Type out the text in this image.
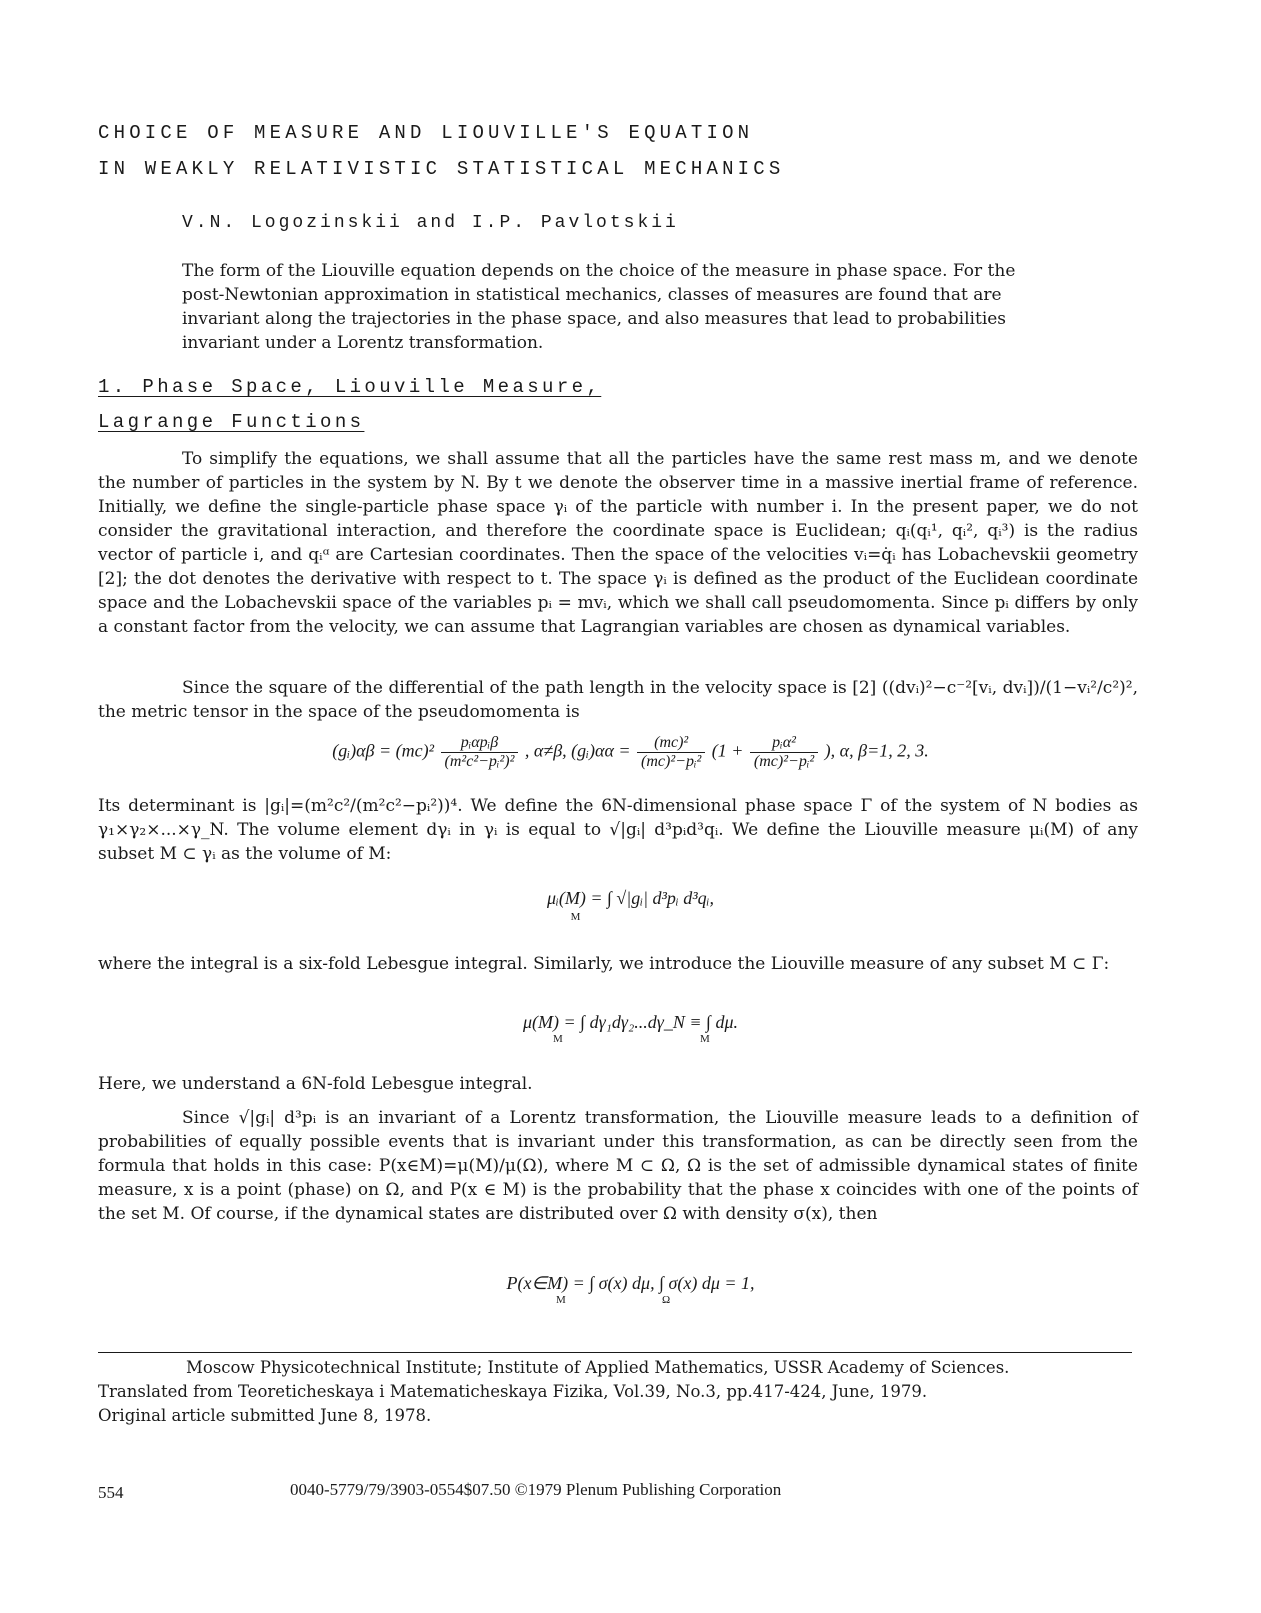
CHOICE OF MEASURE AND LIOUVILLE'S EQUATION
IN WEAKLY RELATIVISTIC STATISTICAL MECHANICS
V.N. Logozinskii and I.P. Pavlotskii
The form of the Liouville equation depends on the choice of the measure in phase space. For the post-Newtonian approximation in statistical mechanics, classes of measures are found that are invariant along the trajectories in the phase space, and also measures that lead to probabilities invariant under a Lorentz transformation.
1. Phase Space, Liouville Measure,
Lagrange Functions
To simplify the equations, we shall assume that all the particles have the same rest mass m, and we denote the number of particles in the system by N. By t we denote the observer time in a massive inertial frame of reference. Initially, we define the single-particle phase space γᵢ of the particle with number i. In the present paper, we do not consider the gravitational interaction, and therefore the coordinate space is Euclidean; qᵢ(qᵢ¹, qᵢ², qᵢ³) is the radius vector of particle i, and qᵢᵅ are Cartesian coordinates. Then the space of the velocities vᵢ=q̇ᵢ has Lobachevskii geometry [2]; the dot denotes the derivative with respect to t. The space γᵢ is defined as the product of the Euclidean coordinate space and the Lobachevskii space of the variables pᵢ = mvᵢ, which we shall call pseudomomenta. Since pᵢ differs by only a constant factor from the velocity, we can assume that Lagrangian variables are chosen as dynamical variables.
Since the square of the differential of the path length in the velocity space is [2] ((dvᵢ)²−c⁻²[vᵢ, dvᵢ])/(1−vᵢ²/c²)², the metric tensor in the space of the pseudomomenta is
(gᵢ)αβ = $(mc)^2 \frac{\text{pᵢαpᵢβ}}{\text{(m²c²−pᵢ²)²}}$ , α≠β, (gᵢ)αα = $\frac{\text{(mc)²}}{\text{(mc)²−pᵢ²}} (1 + \frac{\text{pᵢα²}}{\text{(mc)²−pᵢ²}}$ ), α, β=1, 2, 3.
Its determinant is |gᵢ|=(m²c²/(m²c²−pᵢ²))⁴. We define the 6N-dimensional phase space Γ of the system of N bodies as γ₁×γ₂×...×γ_N. The volume element dγᵢ in γᵢ is equal to √|gᵢ| d³pᵢd³qᵢ. We define the Liouville measure μᵢ(M) of any subset M ⊂ γᵢ as the volume of M:
μᵢ(M) = ∫ √|gᵢ| d³pᵢ d³qᵢ,
M
where the integral is a six-fold Lebesgue integral. Similarly, we introduce the Liouville measure of any subset M ⊂ Γ:
μ(M) = ∫ dγ₁dγ₂...dγ_N ≡ ∫ dμ.
M	M
Here, we understand a 6N-fold Lebesgue integral.
Since √|gᵢ| d³pᵢ is an invariant of a Lorentz transformation, the Liouville measure leads to a definition of probabilities of equally possible events that is invariant under this transformation, as can be directly seen from the formula that holds in this case: P(x∈M)=μ(M)/μ(Ω), where M ⊂ Ω, Ω is the set of admissible dynamical states of finite measure, x is a point (phase) on Ω, and P(x ∈ M) is the probability that the phase x coincides with one of the points of the set M. Of course, if the dynamical states are distributed over Ω with density σ(x), then
P(x∈M) = ∫ σ(x) dμ, ∫ σ(x) dμ = 1,
M	Ω
Moscow Physicotechnical Institute; Institute of Applied Mathematics, USSR Academy of Sciences.
Translated from Teoreticheskaya i Matematicheskaya Fizika, Vol.39, No.3, pp.417-424, June, 1979.
Original article submitted June 8, 1978.
554	0040-5779/79/3903-0554$07.50 ©1979 Plenum Publishing Corporation
